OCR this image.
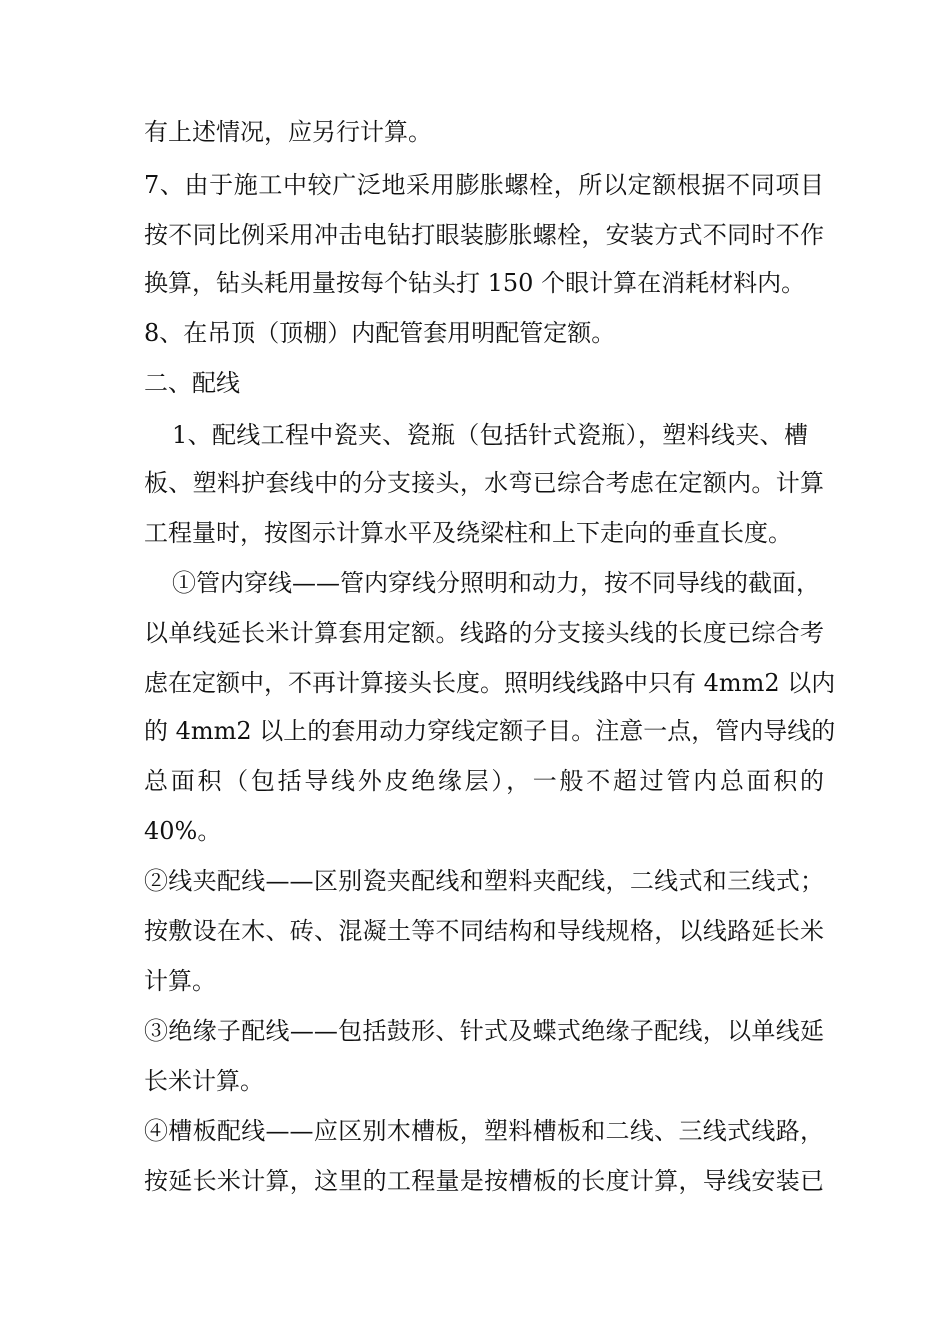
有上述情况，应另行计算。
7、由于施工中较广泛地采用膨胀螺栓，所以定额根据不同项目
按不同比例采用冲击电钻打眼装膨胀螺栓，安装方式不同时不作
换算，钻头耗用量按每个钻头打 150 个眼计算在消耗材料内。
8、在吊顶（顶棚）内配管套用明配管定额。
二、配线
1、配线工程中瓷夹、瓷瓶（包括针式瓷瓶），塑料线夹、槽
板、塑料护套线中的分支接头，水弯已综合考虑在定额内。计算
工程量时，按图示计算水平及绕梁柱和上下走向的垂直长度。
①管内穿线——管内穿线分照明和动力，按不同导线的截面，
以单线延长米计算套用定额。线路的分支接头线的长度已综合考
虑在定额中，不再计算接头长度。照明线线路中只有 4mm2 以内
的 4mm2 以上的套用动力穿线定额子目。注意一点，管内导线的
总面积（包括导线外皮绝缘层），一般不超过管内总面积的
40%。
②线夹配线——区别瓷夹配线和塑料夹配线，二线式和三线式；
按敷设在木、砖、混凝土等不同结构和导线规格，以线路延长米
计算。
③绝缘子配线——包括鼓形、针式及蝶式绝缘子配线，以单线延
长米计算。
④槽板配线——应区别木槽板，塑料槽板和二线、三线式线路，
按延长米计算，这里的工程量是按槽板的长度计算，导线安装已
